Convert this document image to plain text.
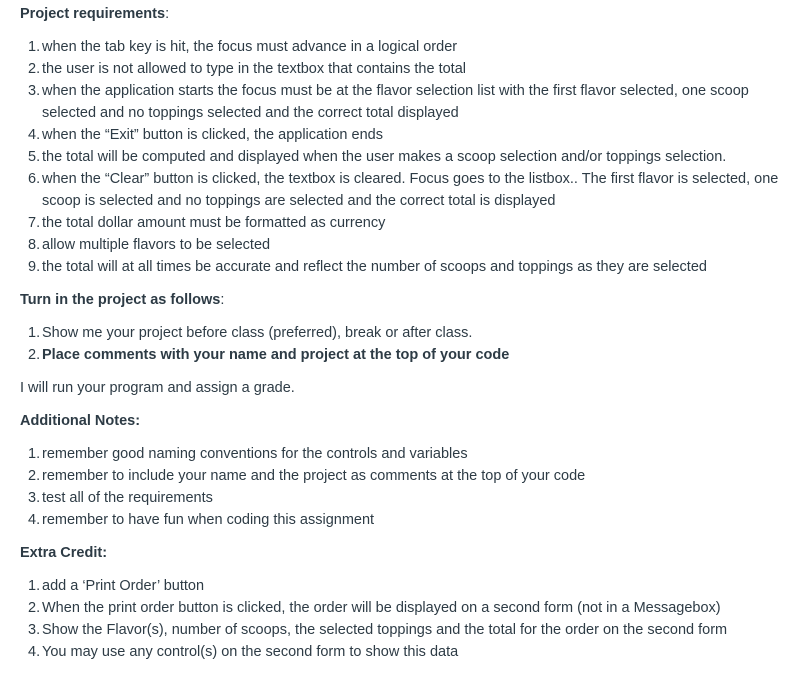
Project requirements:
1. when the tab key is hit, the focus must advance in a logical order
2. the user is not allowed to type in the textbox that contains the total
3. when the application starts the focus must be at the flavor selection list with the first flavor selected, one scoop selected and no toppings selected and the correct total displayed
4. when the “Exit” button is clicked, the application ends
5. the total will be computed and displayed when the user makes a scoop selection and/or toppings selection.
6. when the “Clear” button is clicked, the textbox is cleared. Focus goes to the listbox.. The first flavor is selected, one scoop is selected and no toppings are selected and the correct total is displayed
7. the total dollar amount must be formatted as currency
8. allow multiple flavors to be selected
9. the total will at all times be accurate and reflect the number of scoops and toppings as they are selected
Turn in the project as follows:
1. Show me your project before class (preferred), break or after class.
2. Place comments with your name and project at the top of your code

I will run your program and assign a grade.

Additional Notes:
1. remember good naming conventions for the controls and variables
2. remember to include your name and the project as comments at the top of your code
3. test all of the requirements
4. remember to have fun when coding this assignment
Extra Credit:
1. add a ‘Print Order’ button
2. When the print order button is clicked, the order will be displayed on a second form (not in a Messagebox)
3. Show the Flavor(s), number of scoops, the selected toppings and the total for the order on the second form
4. You may use any control(s) on the second form to show this data
